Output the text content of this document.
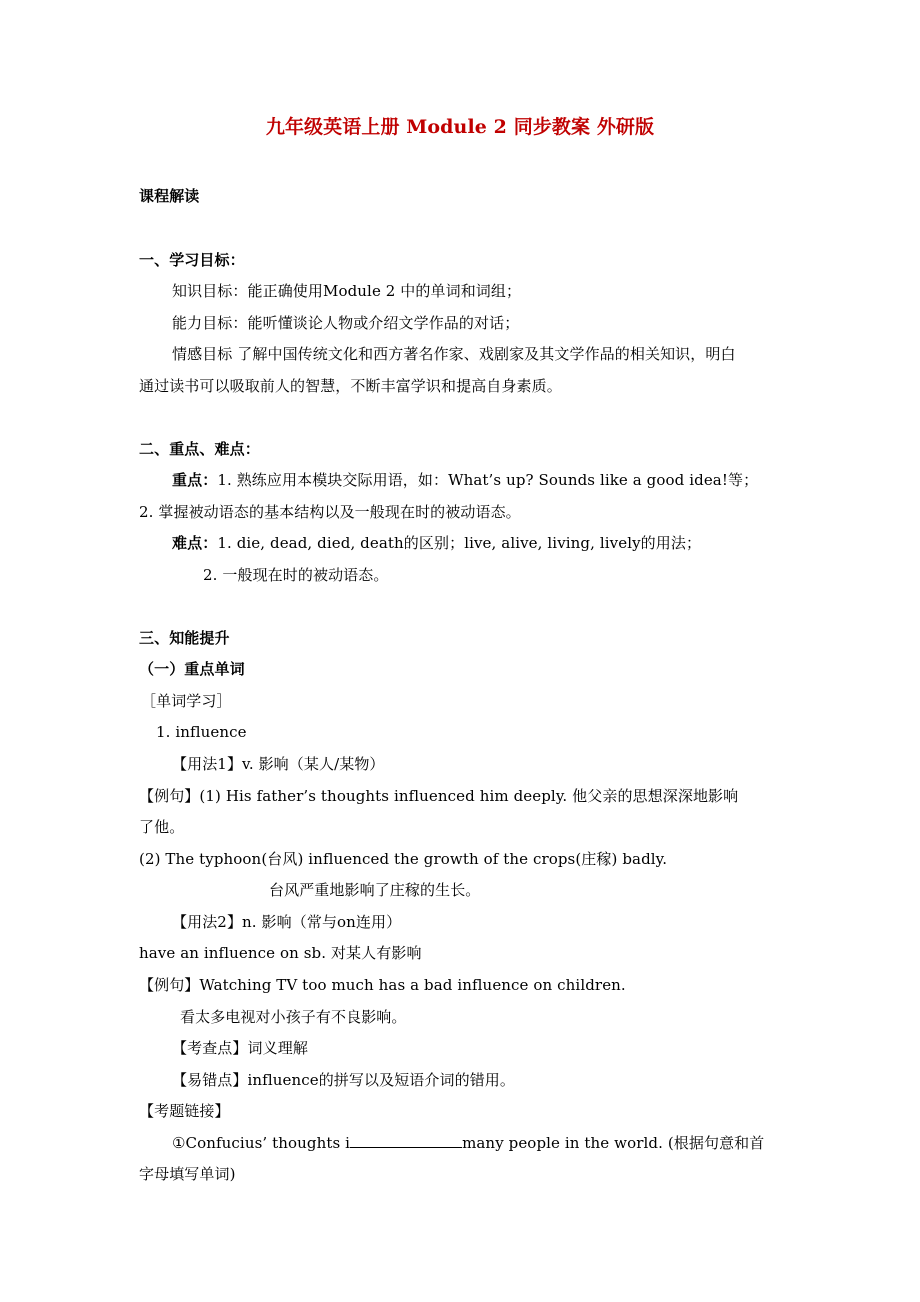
九年级英语上册 Module 2 同步教案 外研版
课程解读
一、学习目标：
知识目标：能正确使用Module 2 中的单词和词组；
能力目标：能听懂谈论人物或介绍文学作品的对话；
情感目标 了解中国传统文化和西方著名作家、戏剧家及其文学作品的相关知识，明白
通过读书可以吸取前人的智慧，不断丰富学识和提高自身素质。
二、重点、难点：
重点：1. 熟练应用本模块交际用语，如：What’s up? Sounds like a good idea!等；
2. 掌握被动语态的基本结构以及一般现在时的被动语态。
难点：1. die, dead, died, death的区别；live, alive, living, lively的用法；
2. 一般现在时的被动语态。
三、知能提升
（一）重点单词
［单词学习］
1. influence
【用法1】v. 影响（某人/某物）
【例句】(1) His father’s thoughts influenced him deeply. 他父亲的思想深深地影响
了他。
(2) The typhoon(台风) influenced the growth of the crops(庄稼) badly.
台风严重地影响了庄稼的生长。
【用法2】n. 影响（常与on连用）
have an influence on sb. 对某人有影响
【例句】Watching TV too much has a bad influence on children.
看太多电视对小孩子有不良影响。
【考查点】词义理解
【易错点】influence的拼写以及短语介词的错用。
【考题链接】
①Confucius’ thoughts i	many people in the world. (根据句意和首
字母填写单词)
